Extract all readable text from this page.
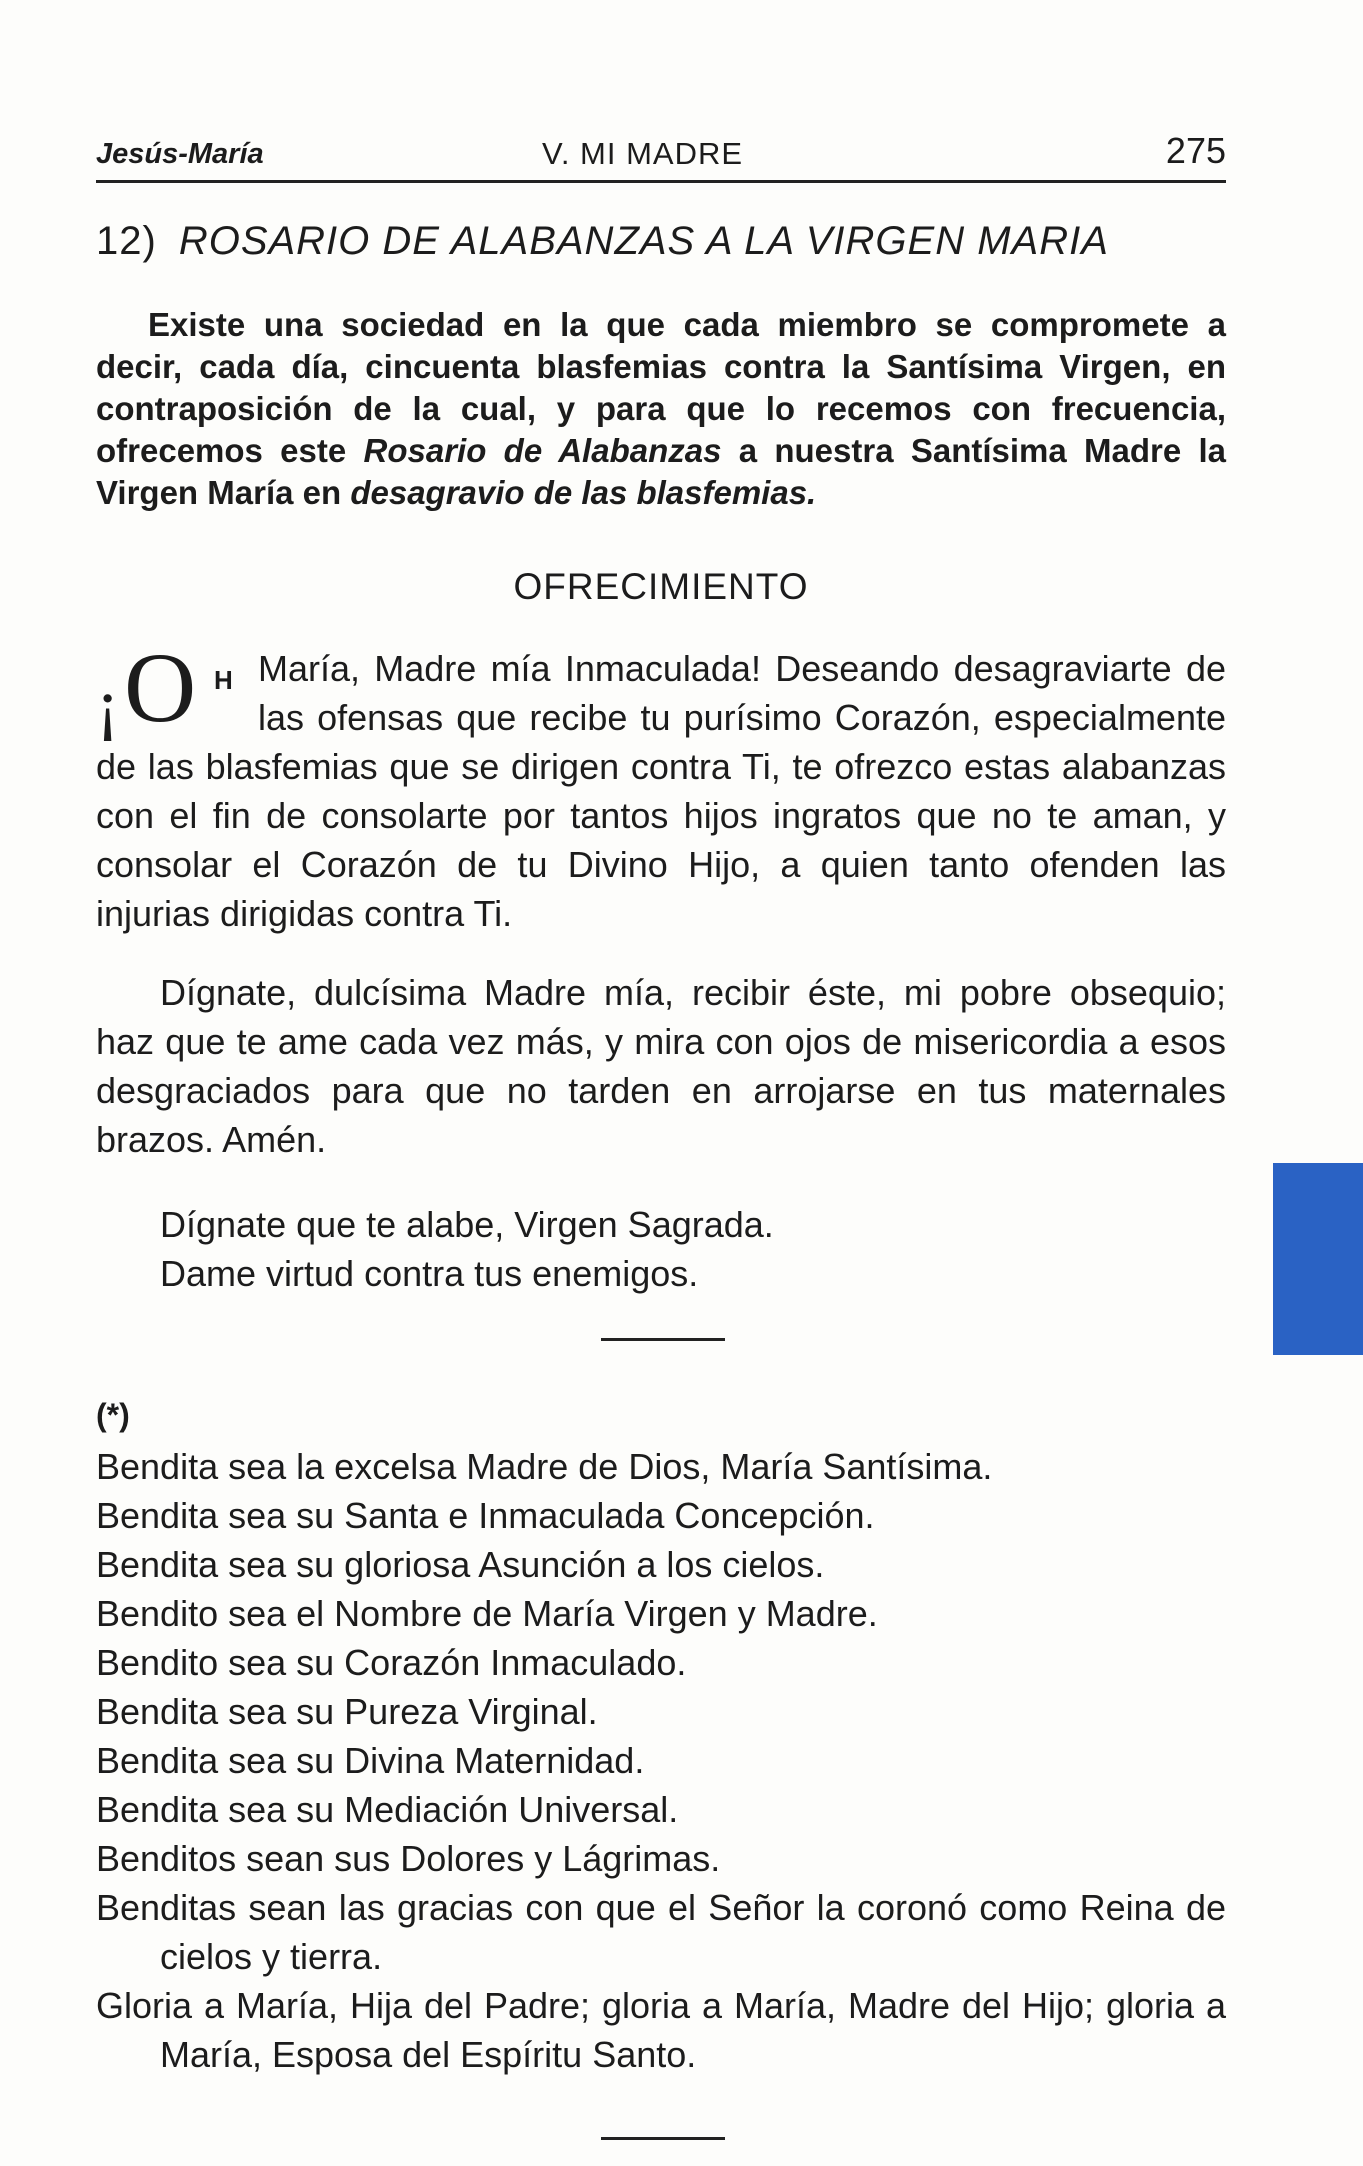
Jesús-María	V. MI MADRE	275
12) ROSARIO DE ALABANZAS A LA VIRGEN MARIA

Existe una sociedad en la que cada miembro se compromete a decir, cada día, cincuenta blasfemias contra la Santísima Virgen, en contraposición de la cual, y para que lo recemos con frecuencia, ofrecemos este Rosario de Alabanzas a nuestra Santísima Madre la Virgen María en desagravio de las blasfemias.

OFRECIMIENTO
¡ O H María, Madre mía Inmaculada! Deseando desagraviarte de las ofensas que recibe tu purísimo Corazón, especialmente de las blasfemias que se dirigen contra Ti, te ofrezco estas alabanzas con el fin de consolarte por tantos hijos ingratos que no te aman, y consolar el Corazón de tu Divino Hijo, a quien tanto ofenden las injurias dirigidas contra Ti.

Dígnate, dulcísima Madre mía, recibir éste, mi pobre obsequio; haz que te ame cada vez más, y mira con ojos de misericordia a esos desgraciados para que no tarden en arrojarse en tus maternales brazos. Amén.

Dígnate que te alabe, Virgen Sagrada.
Dame virtud contra tus enemigos.
(*)
Bendita sea la excelsa Madre de Dios, María Santísima.
Bendita sea su Santa e Inmaculada Concepción.
Bendita sea su gloriosa Asunción a los cielos.
Bendito sea el Nombre de María Virgen y Madre.
Bendito sea su Corazón Inmaculado.
Bendita sea su Pureza Virginal.
Bendita sea su Divina Maternidad.
Bendita sea su Mediación Universal.
Benditos sean sus Dolores y Lágrimas.
Benditas sean las gracias con que el Señor la coronó como Reina de cielos y tierra.
Gloria a María, Hija del Padre; gloria a María, Madre del Hijo; gloria a María, Esposa del Espíritu Santo.
